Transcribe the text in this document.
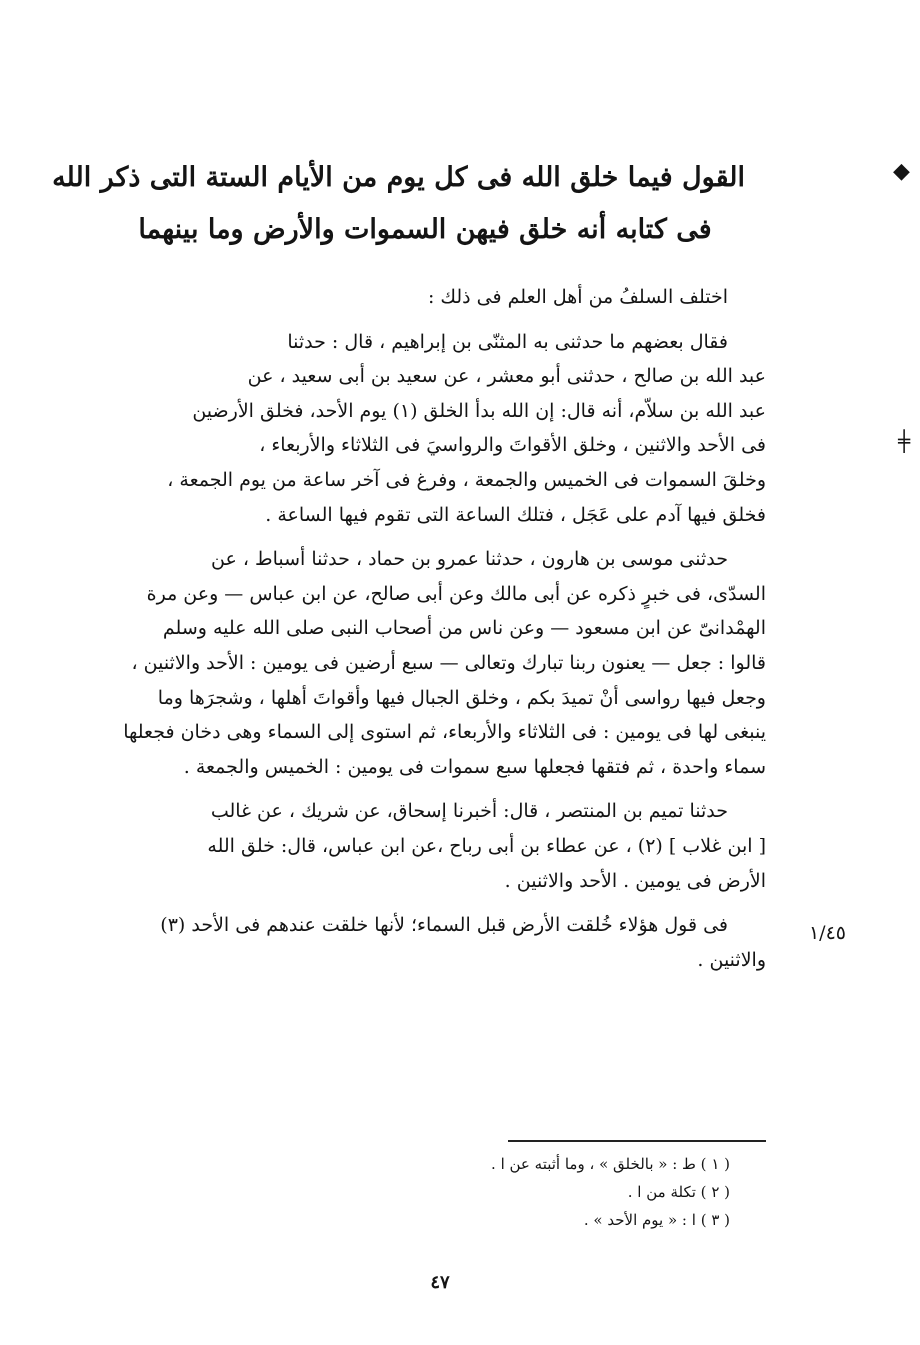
◆
╪
القول فيما خلق الله فى كل يوم من الأيام الستة التى ذكر الله
فى كتابه أنه خلق فيهن السموات والأرض وما بينهما

اختلف السلفُ من أهل العلم فى ذلك :

فقال بعضهم ما حدثنى به المثنّى بن إبراهيم ، قال : حدثنا
عبد الله بن صالح ، حدثنى أبو معشر ، عن سعيد بن أبى سعيد ، عن
عبد الله بن سلاّم، أنه قال: إن الله بدأ الخلق (١) يوم الأحد، فخلق الأرضين
فى الأحد والاثنين ، وخلق الأقواتَ والرواسيَ فى الثلاثاء والأربعاء ،
وخلقَ السموات فى الخميس والجمعة ، وفرغ فى آخر ساعة من يوم الجمعة ،
فخلق فيها آدم على عَجَل ، فتلك الساعة التى تقوم فيها الساعة .

حدثنى موسى بن هارون ، حدثنا عمرو بن حماد ، حدثنا أسباط ، عن
السدّى، فى خبرٍ ذكره عن أبى مالك وعن أبى صالح، عن ابن عباس — وعن مرة
الهمْدانىّ عن ابن مسعود — وعن ناس من أصحاب النبى صلى الله عليه وسلم
قالوا : جعل — يعنون ربنا تبارك وتعالى — سبع أرضين فى يومين : الأحد والاثنين ،
وجعل فيها رواسى أنْ تميدَ بكم ، وخلق الجبال فيها وأقواتَ أهلها ، وشجرَها وما
ينبغى لها فى يومين : فى الثلاثاء والأربعاء، ثم استوى إلى السماء وهى دخان فجعلها
سماء واحدة ، ثم فتقها فجعلها سبع سموات فى يومين : الخميس والجمعة .

حدثنا تميم بن المنتصر ، قال: أخبرنا إسحاق، عن شريك ، عن غالب
[ ابن غلاب ] (٢) ، عن عطاء بن أبى رباح ،عن ابن عباس، قال: خلق الله
الأرض فى يومين . الأحد والاثنين .

فى قول هؤلاء خُلقت الأرض قبل السماء؛ لأنها خلقت عندهم فى الأحد (٣)
والاثنين .

١/٤٥
( ١ ) ط : « بالخلق » ، وما أثبته عن ا .
( ٢ ) تكلة من ا .
( ٣ ) ا : « يوم الأحد » .
٤٧
